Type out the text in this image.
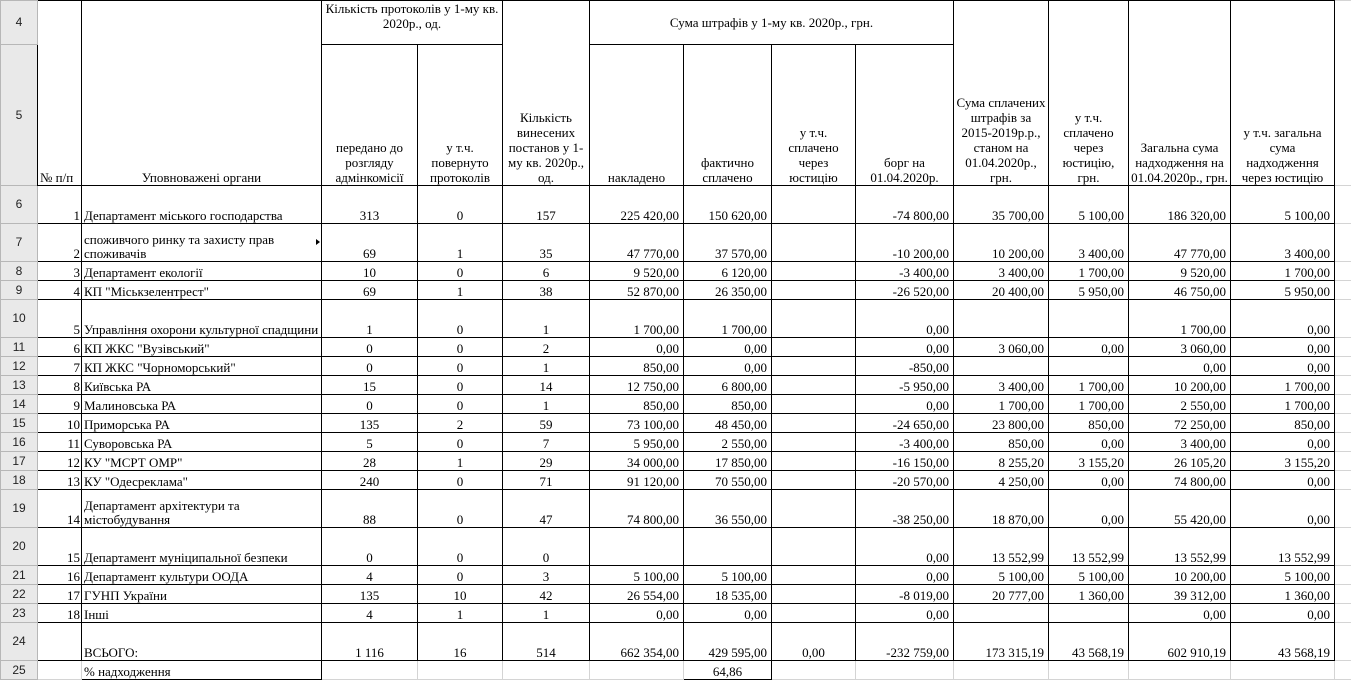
4	№ п/п	Уповноважені органи	Кількість протоколів у 1-му кв. 2020р., од.		Кількість винесених постанов у 1-му кв. 2020р., од.	Сума штрафів у 1-му кв. 2020р., грн.				Сума сплачених штрафів за 2015-2019р.р., станом на 01.04.2020р., грн.	у т.ч. сплачено через юстицію, грн.	Загальна сума надходження на 01.04.2020р., грн.	у т.ч. загальна сума надходження через юстицію	
5			передано до розгляду адмінкомісії	у т.ч. повернуто протоколів		накладено	фактично сплачено	у т.ч. сплачено через юстицію	борг на 01.04.2020р.					
6	1	Департамент міського господарства	313	0	157	225 420,00	150 620,00		-74 800,00	35 700,00	5 100,00	186 320,00	5 100,00	
7	2	споживчого ринку та захисту прав споживачів	69	1	35	47 770,00	37 570,00		-10 200,00	10 200,00	3 400,00	47 770,00	3 400,00	
8	3	Департамент екології	10	0	6	9 520,00	6 120,00		-3 400,00	3 400,00	1 700,00	9 520,00	1 700,00	
9	4	КП "Міськзелентрест"	69	1	38	52 870,00	26 350,00		-26 520,00	20 400,00	5 950,00	46 750,00	5 950,00	
10	5	Управління охорони культурної спадщини	1	0	1	1 700,00	1 700,00		0,00			1 700,00	0,00	
11	6	КП ЖКС "Вузівський"	0	0	2	0,00	0,00		0,00	3 060,00	0,00	3 060,00	0,00	
12	7	КП ЖКС "Чорноморський"	0	0	1	850,00	0,00		-850,00			0,00	0,00	
13	8	Київська РА	15	0	14	12 750,00	6 800,00		-5 950,00	3 400,00	1 700,00	10 200,00	1 700,00	
14	9	Малиновська РА	0	0	1	850,00	850,00		0,00	1 700,00	1 700,00	2 550,00	1 700,00	
15	10	Приморська РА	135	2	59	73 100,00	48 450,00		-24 650,00	23 800,00	850,00	72 250,00	850,00	
16	11	Суворовська РА	5	0	7	5 950,00	2 550,00		-3 400,00	850,00	0,00	3 400,00	0,00	
17	12	КУ "МСРТ ОМР"	28	1	29	34 000,00	17 850,00		-16 150,00	8 255,20	3 155,20	26 105,20	3 155,20	
18	13	КУ "Одесреклама"	240	0	71	91 120,00	70 550,00		-20 570,00	4 250,00	0,00	74 800,00	0,00	
19	14	Департамент архітектури та містобудування	88	0	47	74 800,00	36 550,00		-38 250,00	18 870,00	0,00	55 420,00	0,00	
20	15	Департамент муніципальної безпеки	0	0	0				0,00	13 552,99	13 552,99	13 552,99	13 552,99	
21	16	Департамент культури ООДА	4	0	3	5 100,00	5 100,00		0,00	5 100,00	5 100,00	10 200,00	5 100,00	
22	17	ГУНП України	135	10	42	26 554,00	18 535,00		-8 019,00	20 777,00	1 360,00	39 312,00	1 360,00	
23	18	Інші	4	1	1	0,00	0,00		0,00			0,00	0,00	
24		ВСЬОГО:	1 116	16	514	662 354,00	429 595,00	0,00	-232 759,00	173 315,19	43 568,19	602 910,19	43 568,19	
25		% надходження					64,86							
